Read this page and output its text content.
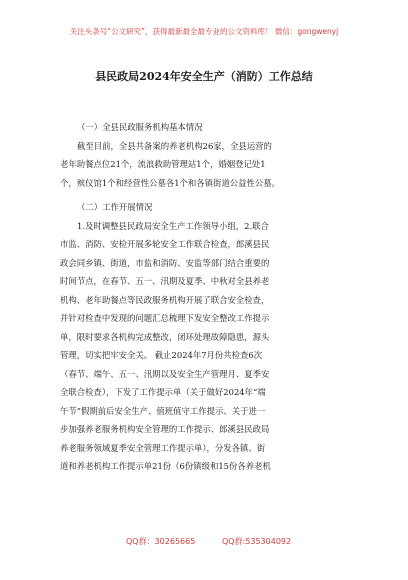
关注头条号“公文研究”，获得最新最全最专业的公文资料库！ 微信：gongwenyj
县民政局2024年安全生产（消防）工作总结

（一）全县民政服务机构基本情况

截至目前，全县共备案的养老机构26家，全县运营的
老年助餐点位21个，流浪救助管理站1个，婚姻登记处1
个，殡仪馆1个和经营性公墓各1个和各镇街道公益性公墓。

（二）工作开展情况

1.及时调整县民政局安全生产工作领导小组，2.联合
市监、消防、安检开展多轮安全工作联合检查，郎溪县民
政会同乡镇、街道，市监和消防、安监等部门结合重要的
时间节点，在春节、五一、汛期及夏季、中秋对全县养老
机构、老年助餐点等民政服务机构开展了联合安全检查，
并针对检查中发现的问题汇总梳理下发安全整改工作提示
单，限时要求各机构完成整改，闭环处理故障隐患，源头
管理，切实把牢安全关。 截止2024年7月份共检查6次
（春节、端午、五一、汛期以及安全生产管理月、夏季安
全联合检查），下发了工作提示单（关于做好2024年“端
午节”假期前后安全生产、值班值守工作提示、关于进一
步加强养老服务机构安全管理的工作提示、郎溪县民政局
养老服务领域夏季安全管理工作提示单），分发各镇、街
道和养老机构工作提示单21份（6份镇级和15份各养老机
QQ群：30265665	QQ群:535304092
